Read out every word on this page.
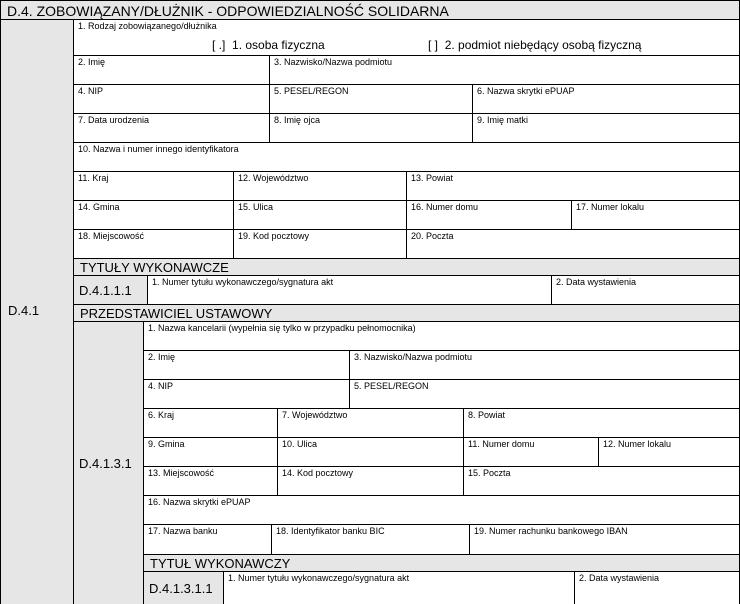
D.4. ZOBOWIĄZANY/DŁUŻNIK - ODPOWIEDZIALNOŚĆ SOLIDARNA
D.4.1
1. Rodzaj zobowiązanego/dłużnika
[ .] 1. osoba fizyczna	[ ] 2. podmiot niebędący osobą fizyczną
2. Imię	3. Nazwisko/Nazwa podmiotu
4. NIP	5. PESEL/REGON	6. Nazwa skrytki ePUAP
7. Data urodzenia	8. Imię ojca	9. Imię matki
10. Nazwa i numer innego identyfikatora
11. Kraj	12. Województwo	13. Powiat
14. Gmina	15. Ulica	16. Numer domu	17. Numer lokalu
18. Miejscowość	19. Kod pocztowy	20. Poczta
TYTUŁY WYKONAWCZE
D.4.1.1.1
1. Numer tytułu wykonawczego/sygnatura akt	2. Data wystawienia
PRZEDSTAWICIEL USTAWOWY
D.4.1.3.1
1. Nazwa kancelarii (wypełnia się tylko w przypadku pełnomocnika)
2. Imię	3. Nazwisko/Nazwa podmiotu
4. NIP	5. PESEL/REGON
6. Kraj	7. Województwo	8. Powiat
9. Gmina	10. Ulica	11. Numer domu	12. Numer lokalu
13. Miejscowość	14. Kod pocztowy	15. Poczta
16. Nazwa skrytki ePUAP
17. Nazwa banku	18. Identyfikator banku BIC	19. Numer rachunku bankowego IBAN
TYTUŁ WYKONAWCZY
D.4.1.3.1.1
1. Numer tytułu wykonawczego/sygnatura akt	2. Data wystawienia
